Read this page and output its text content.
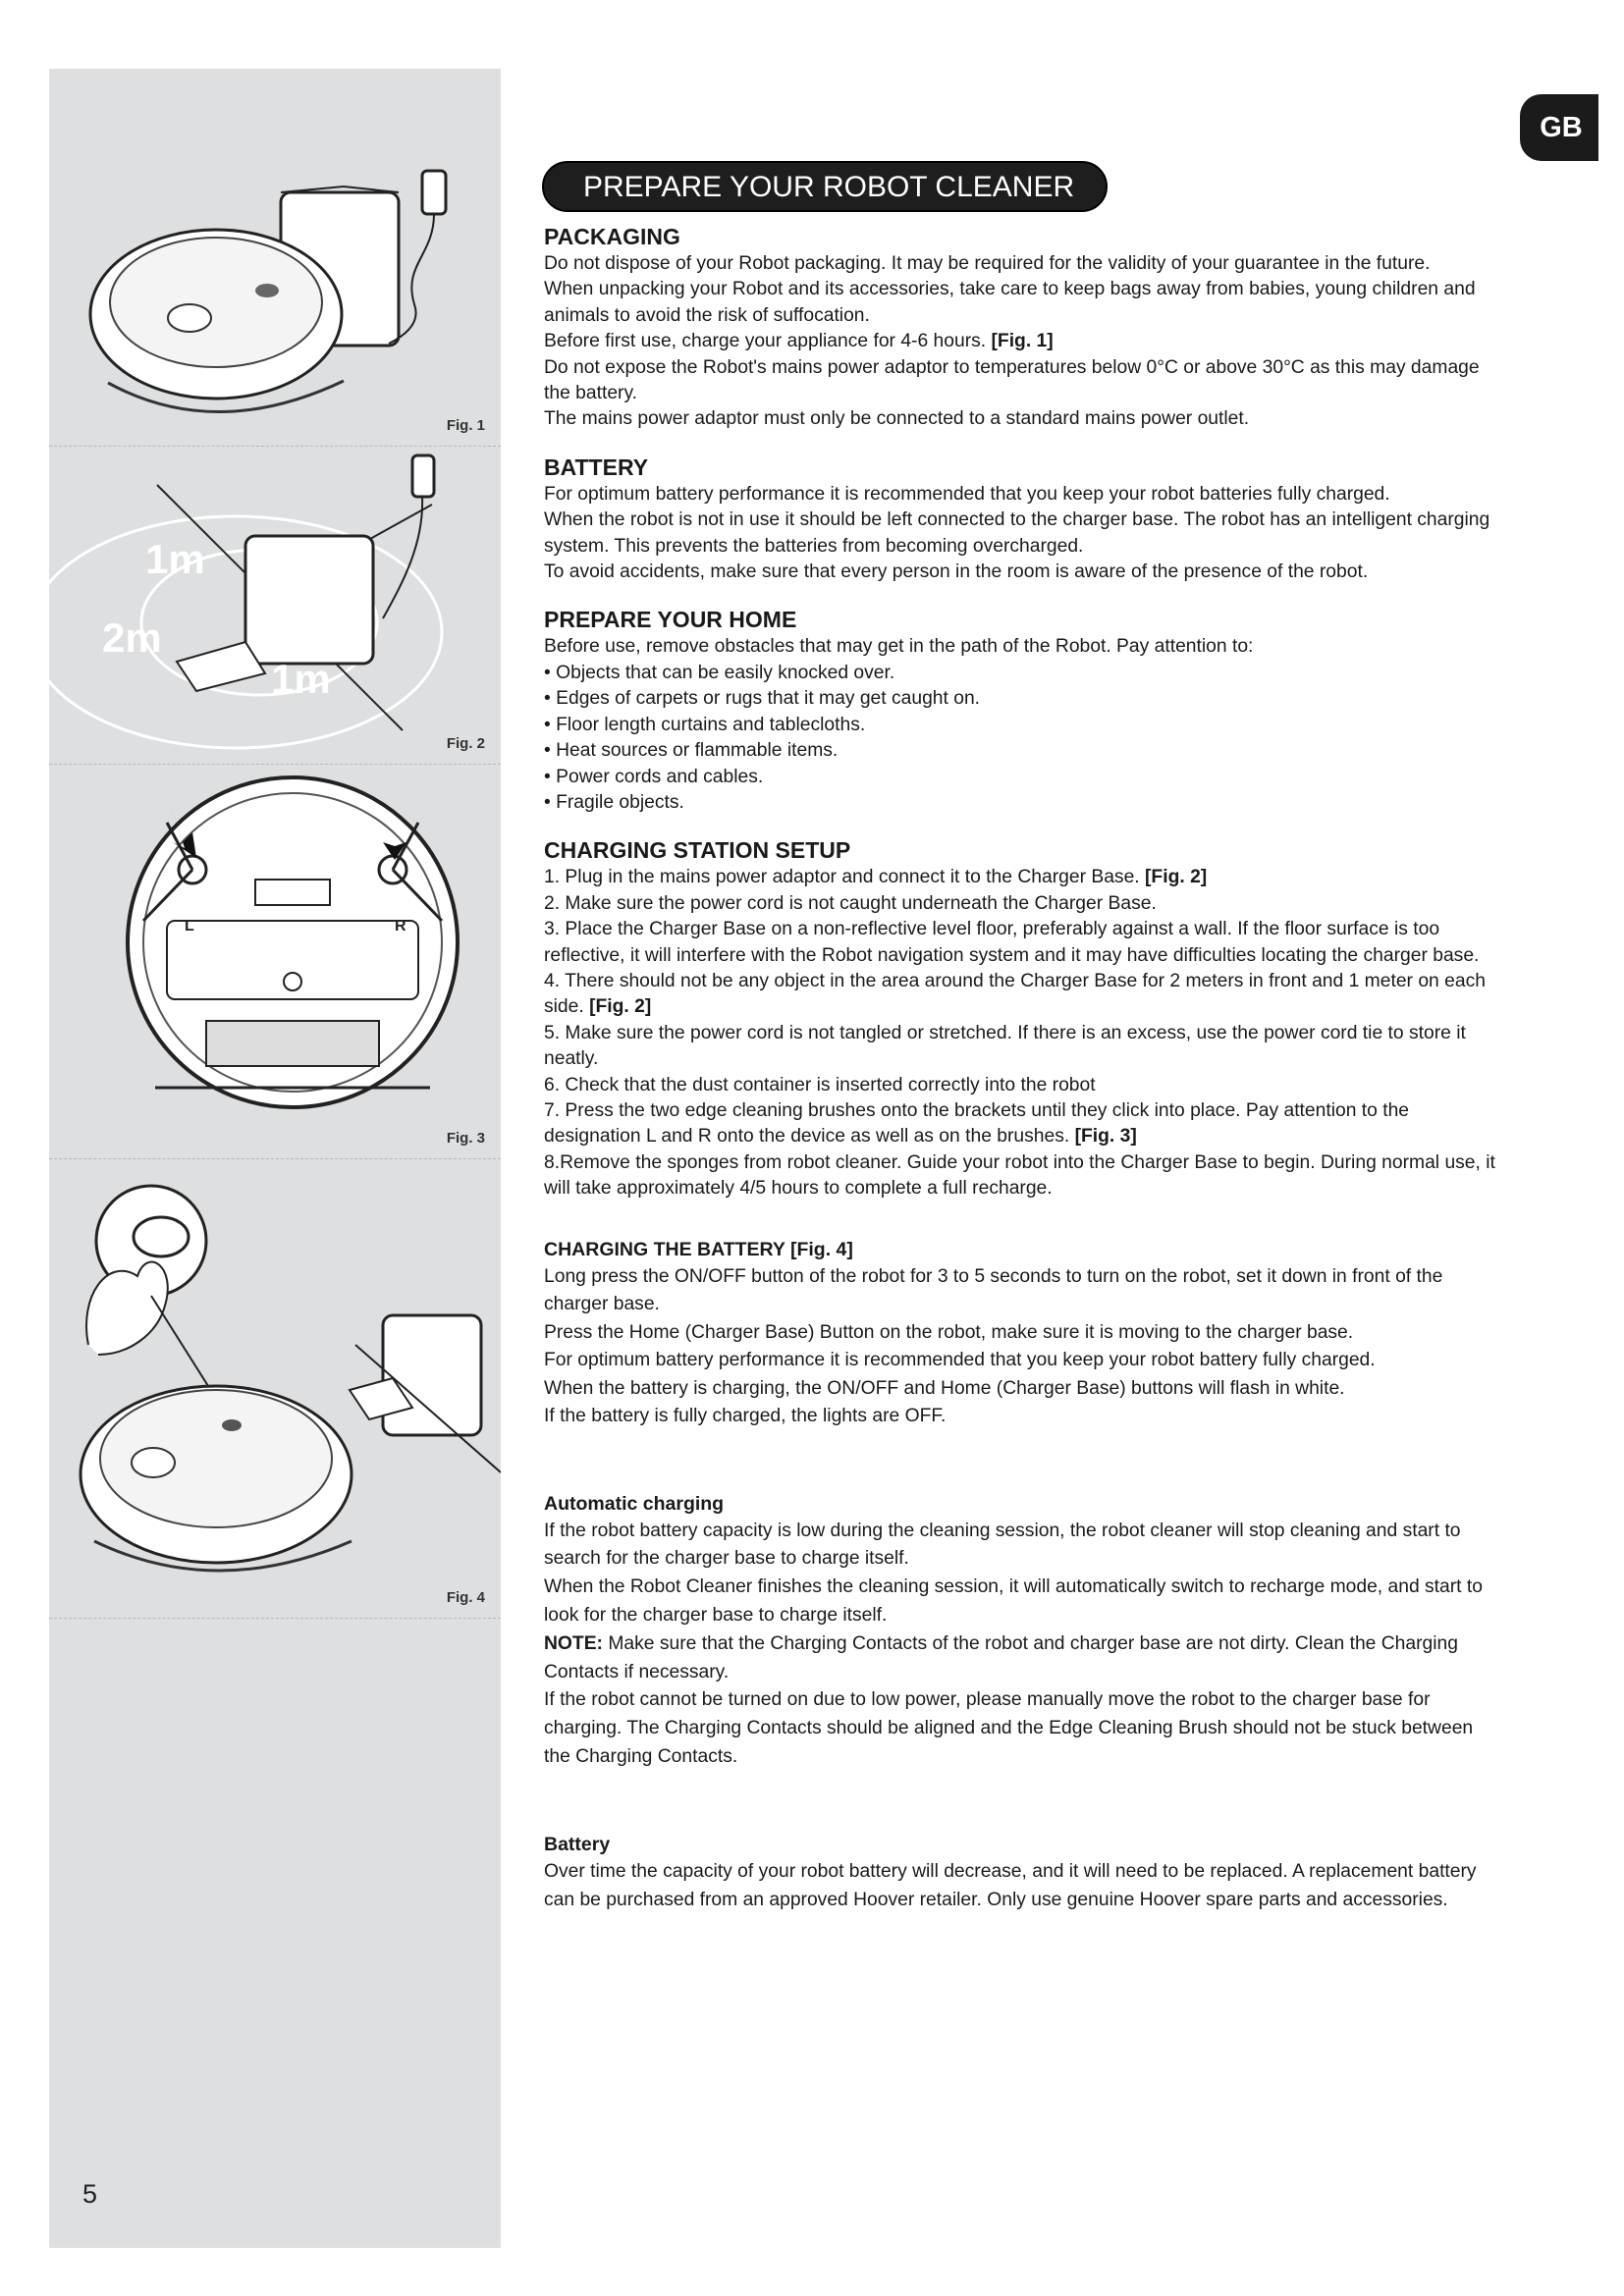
Fig. 1
1m
2m
1m
Fig. 2
L	R
Fig. 3
Fig. 4
5
GB
PREPARE YOUR ROBOT CLEANER
PACKAGING

Do not dispose of your Robot packaging. It may be required for the validity of your guarantee in the future.

When unpacking your Robot and its accessories, take care to keep bags away from babies, young children and animals to avoid the risk of suffocation.

Before first use, charge your appliance for 4-6 hours. [Fig. 1]

Do not expose the Robot's mains power adaptor to temperatures below 0°C or above 30°C as this may damage the battery.

The mains power adaptor must only be connected to a standard mains power outlet.

BATTERY

For optimum battery performance it is recommended that you keep your robot batteries fully charged.

When the robot is not in use it should be left connected to the charger base. The robot has an intelligent charging system. This prevents the batteries from becoming overcharged.

To avoid accidents, make sure that every person in the room is aware of the presence of the robot.

PREPARE YOUR HOME

Before use, remove obstacles that may get in the path of the Robot. Pay attention to:

• Objects that can be easily knocked over.

• Edges of carpets or rugs that it may get caught on.

• Floor length curtains and tablecloths.

• Heat sources or flammable items.

• Power cords and cables.

• Fragile objects.

CHARGING STATION SETUP

1. Plug in the mains power adaptor and connect it to the Charger Base. [Fig. 2]

2. Make sure the power cord is not caught underneath the Charger Base.

3. Place the Charger Base on a non-reflective level floor, preferably against a wall. If the floor surface is too reflective, it will interfere with the Robot navigation system and it may have difficulties locating the charger base.

4. There should not be any object in the area around the Charger Base for 2 meters in front and 1 meter on each side. [Fig. 2]

5. Make sure the power cord is not tangled or stretched. If there is an excess, use the power cord tie to store it neatly.

6. Check that the dust container is inserted correctly into the robot

7. Press the two edge cleaning brushes onto the brackets until they click into place. Pay attention to the designation L and R onto the device as well as on the brushes. [Fig. 3]

8.Remove the sponges from robot cleaner. Guide your robot into the Charger Base to begin. During normal use, it will take approximately 4/5 hours to complete a full recharge.

CHARGING THE BATTERY [Fig. 4]

Long press the ON/OFF button of the robot for 3 to 5 seconds to turn on the robot, set it down in front of the charger base.

Press the Home (Charger Base) Button on the robot, make sure it is moving to the charger base.

For optimum battery performance it is recommended that you keep your robot battery fully charged.

When the battery is charging, the ON/OFF and Home (Charger Base) buttons will flash in white.

If the battery is fully charged, the lights are OFF.

Automatic charging

If the robot battery capacity is low during the cleaning session, the robot cleaner will stop cleaning and start to search for the charger base to charge itself.

When the Robot Cleaner finishes the cleaning session, it will automatically switch to recharge mode, and start to look for the charger base to charge itself.

NOTE: Make sure that the Charging Contacts of the robot and charger base are not dirty. Clean the Charging Contacts if necessary.

If the robot cannot be turned on due to low power, please manually move the robot to the charger base for charging. The Charging Contacts should be aligned and the Edge Cleaning Brush should not be stuck between the Charging Contacts.

Battery

Over time the capacity of your robot battery will decrease, and it will need to be replaced. A replacement battery can be purchased from an approved Hoover retailer. Only use genuine Hoover spare parts and accessories.
